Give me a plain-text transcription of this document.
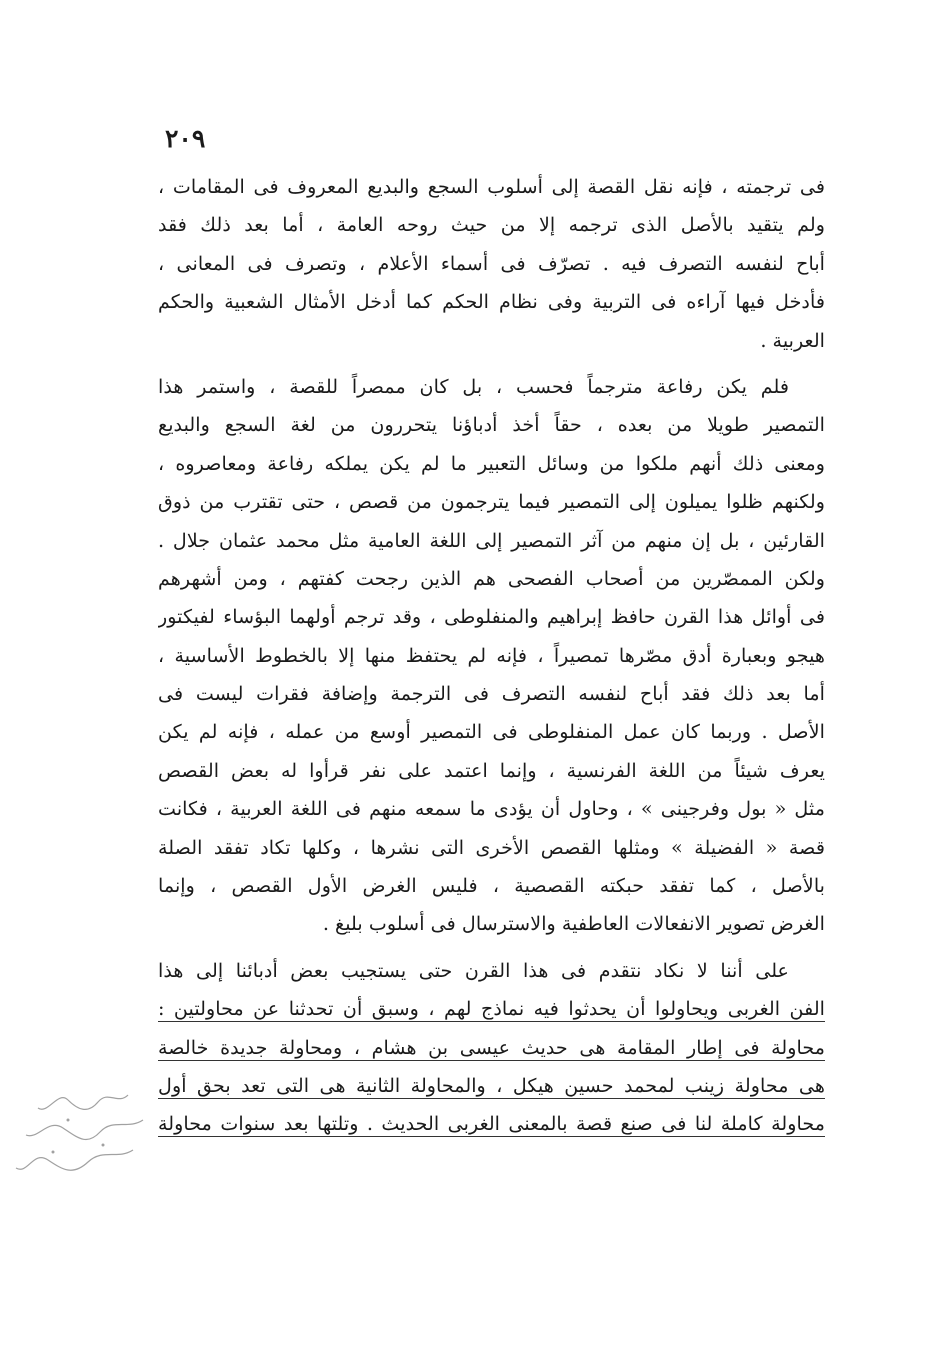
٢٠٩
فى ترجمته ، فإنه نقل القصة إلى أسلوب السجع والبديع المعروف فى المقامات ،
ولم يتقيد بالأصل الذى ترجمه إلا من حيث روحه العامة ، أما بعد ذلك فقد
أباح لنفسه التصرف فيه . تصرّف فى أسماء الأعلام ، وتصرف فى المعانى ،
فأدخل فيها آراءه فى التربية وفى نظام الحكم كما أدخل الأمثال الشعبية والحكم
العربية .
فلم يكن رفاعة مترجماً فحسب ، بل كان ممصراً للقصة ، واستمر هذا
التمصير طويلا من بعده ، حقاً أخذ أدباؤنا يتحررون من لغة السجع والبديع
ومعنى ذلك أنهم ملكوا من وسائل التعبير ما لم يكن يملكه رفاعة ومعاصروه ،
ولكنهم ظلوا يميلون إلى التمصير فيما يترجمون من قصص ، حتى تقترب من ذوق
القارئين ، بل إن منهم من آثر التمصير إلى اللغة العامية مثل محمد عثمان جلال .
ولكن الممصّرين من أصحاب الفصحى هم الذين رجحت كفتهم ، ومن أشهرهم
فى أوائل هذا القرن حافظ إبراهيم والمنفلوطى ، وقد ترجم أولهما البؤساء لفيكتور
هيجو وبعبارة أدق مصّرها تمصيراً ، فإنه لم يحتفظ منها إلا بالخطوط الأساسية ،
أما بعد ذلك فقد أباح لنفسه التصرف فى الترجمة وإضافة فقرات ليست فى
الأصل . وربما كان عمل المنفلوطى فى التمصير أوسع من عمله ، فإنه لم يكن
يعرف شيئاً من اللغة الفرنسية ، وإنما اعتمد على نفر قرأوا له بعض القصص
مثل « بول وفرجينى » ، وحاول أن يؤدى ما سمعه منهم فى اللغة العربية ، فكانت
قصة « الفضيلة » ومثلها القصص الأخرى التى نشرها ، وكلها تكاد تفقد الصلة
بالأصل ، كما تفقد حبكته القصصية ، فليس الغرض الأول القصص ، وإنما
الغرض تصوير الانفعالات العاطفية والاسترسال فى أسلوب بليغ .
على أننا لا نكاد نتقدم فى هذا القرن حتى يستجيب بعض أدبائنا إلى هذا
الفن الغربى ويحاولوا أن يحدثوا فيه نماذج لهم ، وسبق أن تحدثنا عن محاولتين :
محاولة فى إطار المقامة هى حديث عيسى بن هشام ، ومحاولة جديدة خالصة
هى محاولة زينب لمحمد حسين هيكل ، والمحاولة الثانية هى التى تعد بحق أول
محاولة كاملة لنا فى صنع قصة بالمعنى الغربى الحديث . وتلتها بعد سنوات محاولة
